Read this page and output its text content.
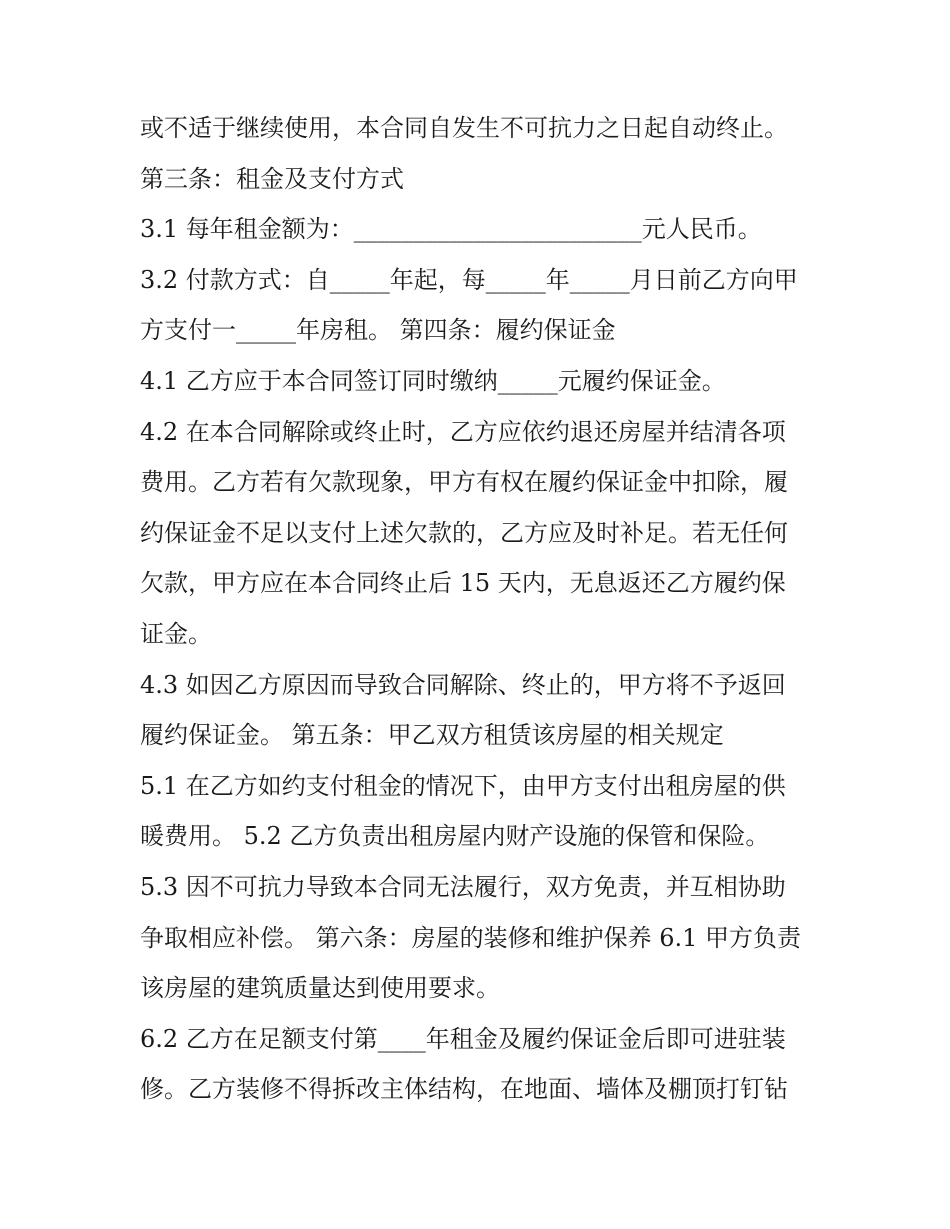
或不适于继续使用，本合同自发生不可抗力之日起自动终止。
第三条：租金及支付方式
3.1 每年租金额为：________________________元人民币。
3.2 付款方式：自_____年起，每_____年_____月日前乙方向甲
方支付一_____年房租。 第四条：履约保证金
4.1 乙方应于本合同签订同时缴纳_____元履约保证金。
4.2 在本合同解除或终止时，乙方应依约退还房屋并结清各项
费用。乙方若有欠款现象，甲方有权在履约保证金中扣除，履
约保证金不足以支付上述欠款的，乙方应及时补足。若无任何
欠款，甲方应在本合同终止后 15 天内，无息返还乙方履约保
证金。
4.3 如因乙方原因而导致合同解除、终止的，甲方将不予返回
履约保证金。 第五条：甲乙双方租赁该房屋的相关规定
5.1 在乙方如约支付租金的情况下，由甲方支付出租房屋的供
暖费用。 5.2 乙方负责出租房屋内财产设施的保管和保险。
5.3 因不可抗力导致本合同无法履行，双方免责，并互相协助
争取相应补偿。 第六条：房屋的装修和维护保养 6.1 甲方负责
该房屋的建筑质量达到使用要求。
6.2 乙方在足额支付第____年租金及履约保证金后即可进驻装
修。乙方装修不得拆改主体结构，在地面、墙体及棚顶打钉钻
